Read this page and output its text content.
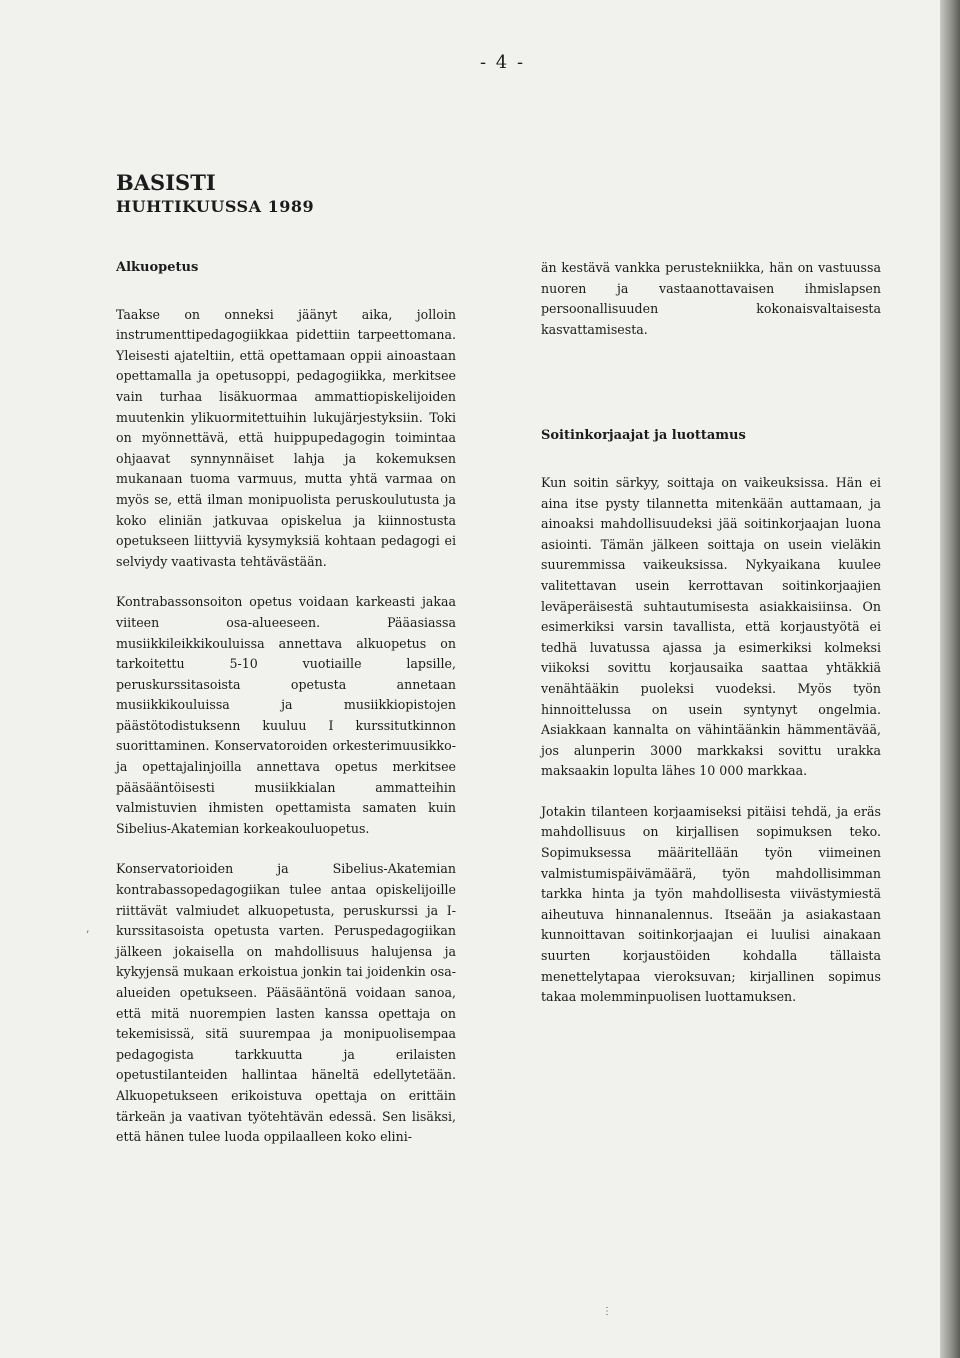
- 4 -
BASISTI
HUHTIKUUSSA 1989
Alkuopetus

Taakse on onneksi jäänyt aika, jolloin instrumenttipedagogiikkaa pidettiin tarpeettomana. Yleisesti ajateltiin, että opettamaan oppii ainoastaan opettamalla ja opetusoppi, pedagogiikka, merkitsee vain turhaa lisäkuormaa ammattiopiskelijoiden muutenkin ylikuormitettuihin lukujärjestyksiin. Toki on myönnettävä, että huippupedagogin toimintaa ohjaavat synnynnäiset lahja ja kokemuksen mukanaan tuoma varmuus, mutta yhtä varmaa on myös se, että ilman monipuolista peruskoulutusta ja koko eliniän jatkuvaa opiskelua ja kiinnostusta opetukseen liittyviä kysymyksiä kohtaan pedagogi ei selviydy vaativasta tehtävästään.

Kontrabassonsoiton opetus voidaan karkeasti jakaa viiteen osa-alueeseen. Pääasiassa musiikkileikkikouluissa annettava alkuopetus on tarkoitettu 5-10 vuotiaille lapsille, peruskurssitasoista opetusta annetaan musiikkikouluissa ja musiikkiopistojen päästötodistuksenn kuuluu I kurssitutkinnon suorittaminen. Konservatoroiden orkesterimuusikko- ja opettajalinjoilla annettava opetus merkitsee pääsääntöisesti musiikkialan ammatteihin valmistuvien ihmisten opettamista samaten kuin Sibelius-Akatemian korkeakouluopetus.

Konservatorioiden ja Sibelius-Akatemian kontrabassopedagogiikan tulee antaa opiskelijoille riittävät valmiudet alkuopetusta, peruskurssi ja I-kurssitasoista opetusta varten. Peruspedagogiikan jälkeen jokaisella on mahdollisuus halujensa ja kykyjensä mukaan erkoistua jonkin tai joidenkin osa-alueiden opetukseen. Pääsääntönä voidaan sanoa, että mitä nuorempien lasten kanssa opettaja on tekemisissä, sitä suurempaa ja monipuolisempaa pedagogista tarkkuutta ja erilaisten opetustilanteiden hallintaa häneltä edellytetään. Alkuopetukseen erikoistuva opettaja on erittäin tärkeän ja vaativan työtehtävän edessä. Sen lisäksi, että hänen tulee luoda oppilaalleen koko elini-

än kestävä vankka perustekniikka, hän on vastuussa nuoren ja vastaanottavaisen ihmislapsen persoonallisuuden kokonaisvaltaisesta kasvattamisesta.

Soitinkorjaajat ja luottamus

Kun soitin särkyy, soittaja on vaikeuksissa. Hän ei aina itse pysty tilannetta mitenkään auttamaan, ja ainoaksi mahdollisuudeksi jää soitinkorjaajan luona asiointi. Tämän jälkeen soittaja on usein vieläkin suuremmissa vaikeuksissa. Nykyaikana kuulee valitettavan usein kerrottavan soitinkorjaajien leväperäisestä suhtautumisesta asiakkaisiinsa. On esimerkiksi varsin tavallista, että korjaustyötä ei tedhä luvatussa ajassa ja esimerkiksi kolmeksi viikoksi sovittu korjausaika saattaa yhtäkkiä venähtääkin puoleksi vuodeksi. Myös työn hinnoittelussa on usein syntynyt ongelmia. Asiakkaan kannalta on vähintäänkin hämmentävää, jos alunperin 3000 markkaksi sovittu urakka maksaakin lopulta lähes 10 000 markkaa.

Jotakin tilanteen korjaamiseksi pitäisi tehdä, ja eräs mahdollisuus on kirjallisen sopimuksen teko. Sopimuksessa määritellään työn viimeinen valmistumispäivämäärä, työn mahdollisimman tarkka hinta ja työn mahdollisesta viivästymiestä aiheutuva hinnanalennus. Itseään ja asiakastaan kunnoittavan soitinkorjaajan ei luulisi ainakaan suurten korjaustöiden kohdalla tällaista menettelytapaa vieroksuvan; kirjallinen sopimus takaa molemminpuolisen luottamuksen.

’
⋮
